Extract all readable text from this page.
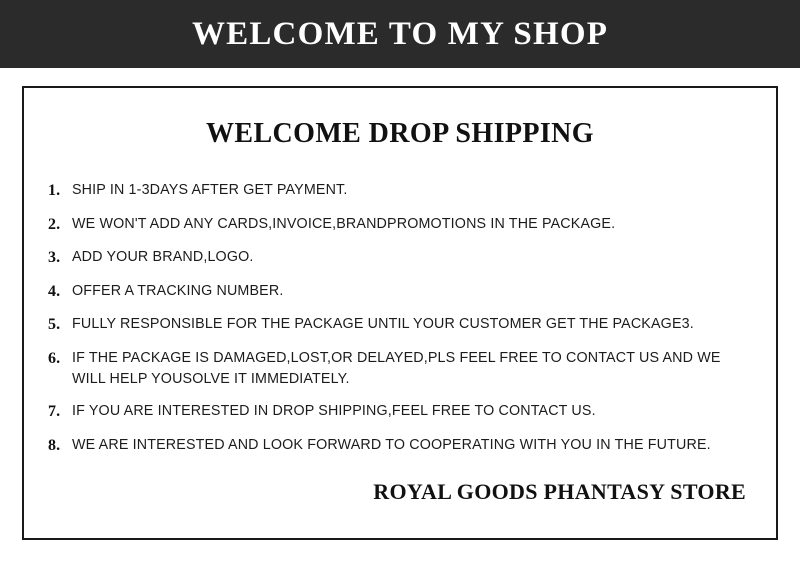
WELCOME TO MY SHOP
WELCOME DROP SHIPPING
1. SHIP IN 1-3DAYS AFTER GET PAYMENT.
2. WE WON'T ADD ANY CARDS,INVOICE,BRANDPROMOTIONS IN THE PACKAGE.
3. ADD YOUR BRAND,LOGO.
4. OFFER A TRACKING NUMBER.
5. FULLY RESPONSIBLE FOR THE PACKAGE UNTIL YOUR CUSTOMER GET THE PACKAGE3.
6. IF THE PACKAGE IS DAMAGED,LOST,OR DELAYED,PLS FEEL FREE TO CONTACT US AND WE WILL HELP YOUSOLVE IT IMMEDIATELY.
7. IF YOU ARE INTERESTED IN DROP SHIPPING,FEEL FREE TO CONTACT US.
8. WE ARE INTERESTED AND LOOK FORWARD TO COOPERATING WITH YOU IN THE FUTURE.
ROYAL GOODS PHANTASY STORE
